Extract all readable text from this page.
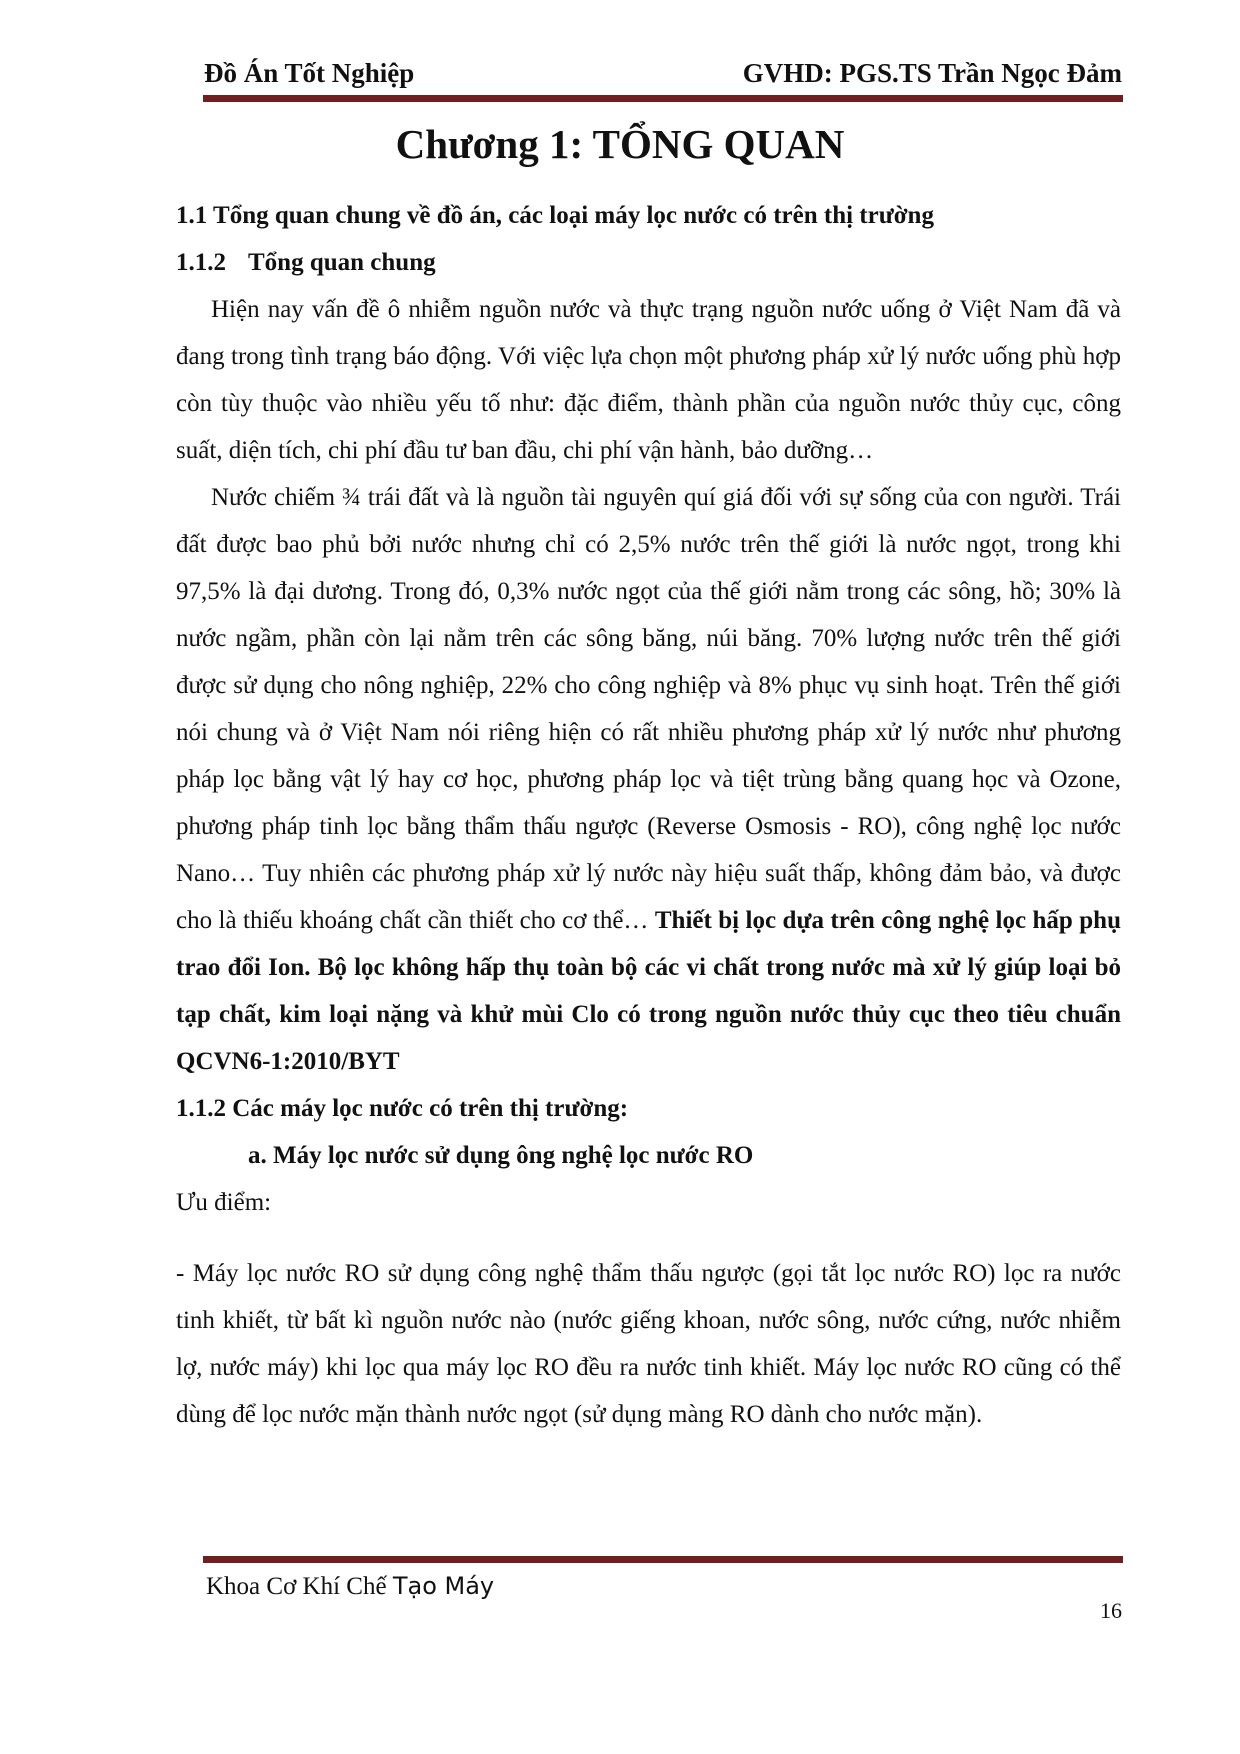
Đồ Án Tốt Nghiệp	GVHD: PGS.TS Trần Ngọc Đảm
Chương 1: TỔNG QUAN
1.1 Tổng quan chung về đồ án, các loại máy lọc nước có trên thị trường
1.1.2 Tổng quan chung

Hiện nay vấn đề ô nhiễm nguồn nước và thực trạng nguồn nước uống ở Việt Nam đã và đang trong tình trạng báo động. Với việc lựa chọn một phương pháp xử lý nước uống phù hợp còn tùy thuộc vào nhiều yếu tố như: đặc điểm, thành phần của nguồn nước thủy cục, công suất, diện tích, chi phí đầu tư ban đầu, chi phí vận hành, bảo dưỡng…

Nước chiếm ¾ trái đất và là nguồn tài nguyên quí giá đối với sự sống của con người. Trái đất được bao phủ bởi nước nhưng chỉ có 2,5% nước trên thế giới là nước ngọt, trong khi 97,5% là đại dương. Trong đó, 0,3% nước ngọt của thế giới nằm trong các sông, hồ; 30% là nước ngầm, phần còn lại nằm trên các sông băng, núi băng. 70% lượng nước trên thế giới được sử dụng cho nông nghiệp, 22% cho công nghiệp và 8% phục vụ sinh hoạt. Trên thế giới nói chung và ở Việt Nam nói riêng hiện có rất nhiều phương pháp xử lý nước như phương pháp lọc bằng vật lý hay cơ học, phương pháp lọc và tiệt trùng bằng quang học và Ozone, phương pháp tinh lọc bằng thẩm thấu ngược (Reverse Osmosis - RO), công nghệ lọc nước Nano… Tuy nhiên các phương pháp xử lý nước này hiệu suất thấp, không đảm bảo, và được cho là thiếu khoáng chất cần thiết cho cơ thể… Thiết bị lọc dựa trên công nghệ lọc hấp phụ trao đổi Ion. Bộ lọc không hấp thụ toàn bộ các vi chất trong nước mà xử lý giúp loại bỏ tạp chất, kim loại nặng và khử mùi Clo có trong nguồn nước thủy cục theo tiêu chuẩn QCVN6-1:2010/BYT

1.1.2 Các máy lọc nước có trên thị trường:
a. Máy lọc nước sử dụng ông nghệ lọc nước RO
Ưu điểm:

- Máy lọc nước RO sử dụng công nghệ thẩm thấu ngược (gọi tắt lọc nước RO) lọc ra nước tinh khiết, từ bất kì nguồn nước nào (nước giếng khoan, nước sông, nước cứng, nước nhiễm lợ, nước máy) khi lọc qua máy lọc RO đều ra nước tinh khiết. Máy lọc nước RO cũng có thể dùng để lọc nước mặn thành nước ngọt (sử dụng màng RO dành cho nước mặn).

Khoa Cơ Khí Chế Tạo Máy
16
